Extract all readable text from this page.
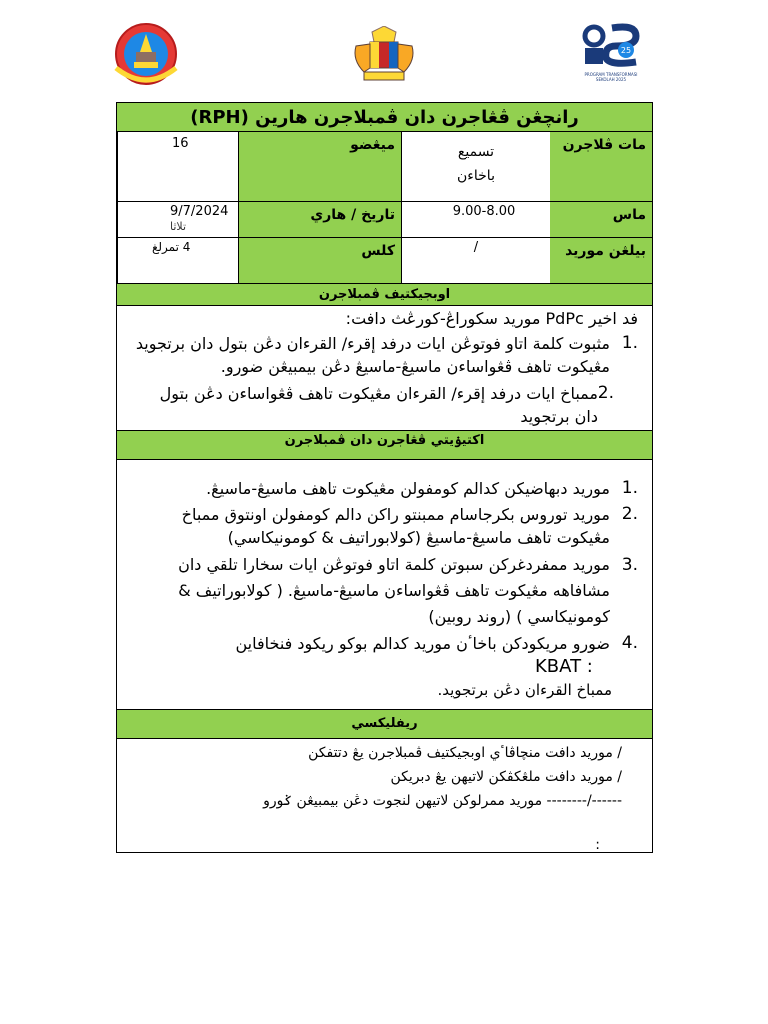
25
PROGRAM TRANSFORMASI SEKOLAH 2025
رانچڠن ڤڠاجرن دان ڤمبلاجرن هارين (RPH)
مات ڤلاجرن
تسميع باخاءن
ميڠضو
16
ماس
9.00-8.00
تاريخ / هاري
9/7/2024
تلاثا
بيلڠن موريد
/
كلس
4 تمرلغ
اوبجيكتيف ڤمبلاجرن
فد اخير PdPc موريد سكوراڠ-كورڠث دافت:
1.
مثبوت كلمة اتاو فوتوڠن ايات درفد إقرء/ القرءان دڠن بتول دان برتجويد مڠيكوت تاهف ڤڠواساءن ماسيڠ-ماسيڠ دڠن بيمبيڠن ضورو.
2.
ممباخ ايات درفد إقرء/ القرءان مڠيكوت تاهف ڤڠواساءن دڠن بتول دان برتجويد
اكتيۏيتي ڤڠاجرن دان ڤمبلاجرن
1.
موريد دبهاضيكن كدالم كومفولن مڠيكوت تاهف ماسيڠ-ماسيڠ.
2.
موريد توروس بكرجاسام ممبنتو راكن دالم كومفولن اونتوق ممباخ مڠيكوت تاهف ماسيڠ-ماسيڠ (كولابوراتيف & كومونيكاسي)
3.
موريد ممفردغركن سبوتن كلمة اتاو فوتوڠن ايات سخارا تلقي دان مشافاهه مڠيكوت تاهف ڤڠواساءن ماسيڠ-ماسيڠ. ( كولابوراتيف & كومونيكاسي ) (روند روبين)
4.
ضورو مريكودكن باخاٴن موريد كدالم بوكو ريكود فنخافاين
KBAT :
ممباخ القرءان دڠن برتجويد.
ريفليكسي
/ موريد دافت منچاڤاٴي اوبجيكتيف ڤمبلاجرن يڠ دتتفكن
/ موريد دافت ملڠكڤكن لاتيهن يڠ دبريكن
------/-------- موريد ممرلوكن لاتيهن لنجوت دڠن بيمبيڠن ݢورو
:
